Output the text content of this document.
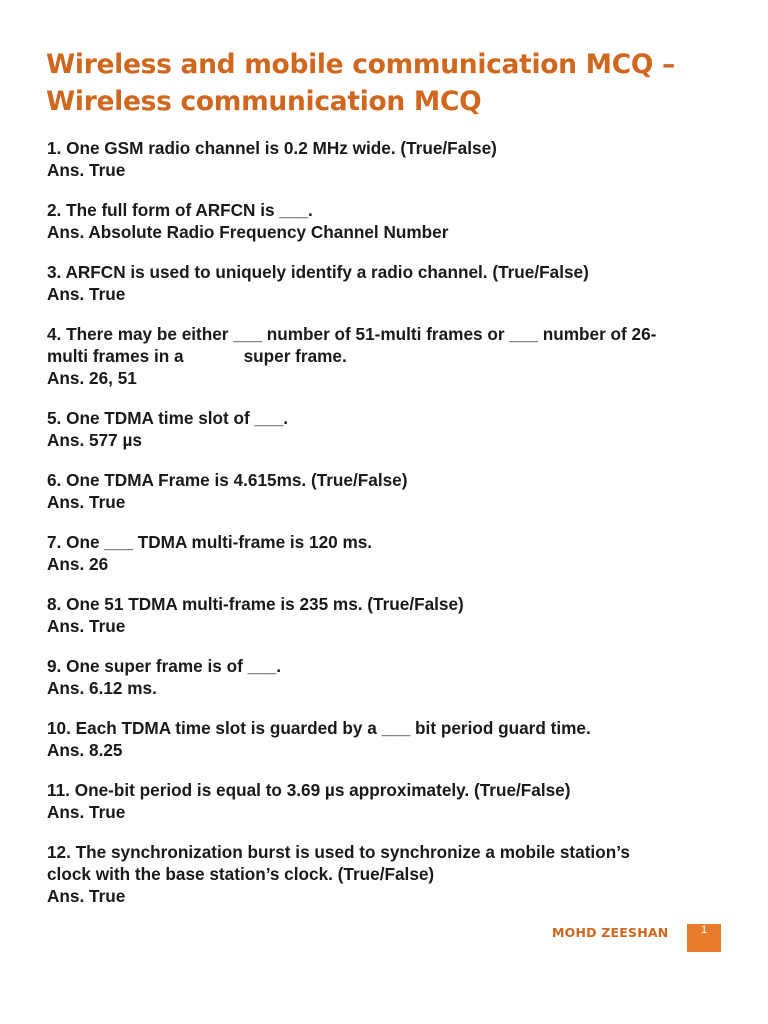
Wireless and mobile communication MCQ –
Wireless communication MCQ
1. One GSM radio channel is 0.2 MHz wide. (True/False)
Ans. True
2. The full form of ARFCN is ___.
Ans. Absolute Radio Frequency Channel Number
3. ARFCN is used to uniquely identify a radio channel. (True/False)
Ans. True
4. There may be either ___ number of 51-multi frames or ___ number of 26-
multi frames in a	super frame.
Ans. 26, 51
5. One TDMA time slot of ___.
Ans. 577 µs
6. One TDMA Frame is 4.615ms. (True/False)
Ans. True
7. One ___ TDMA multi-frame is 120 ms.
Ans. 26
8. One 51 TDMA multi-frame is 235 ms. (True/False)
Ans. True
9. One super frame is of ___.
Ans. 6.12 ms.
10. Each TDMA time slot is guarded by a ___ bit period guard time.
Ans. 8.25
11. One-bit period is equal to 3.69 µs approximately. (True/False)
Ans. True
12. The synchronization burst is used to synchronize a mobile station’s
clock with the base station’s clock. (True/False)
Ans. True
MOHD ZEESHAN	1
